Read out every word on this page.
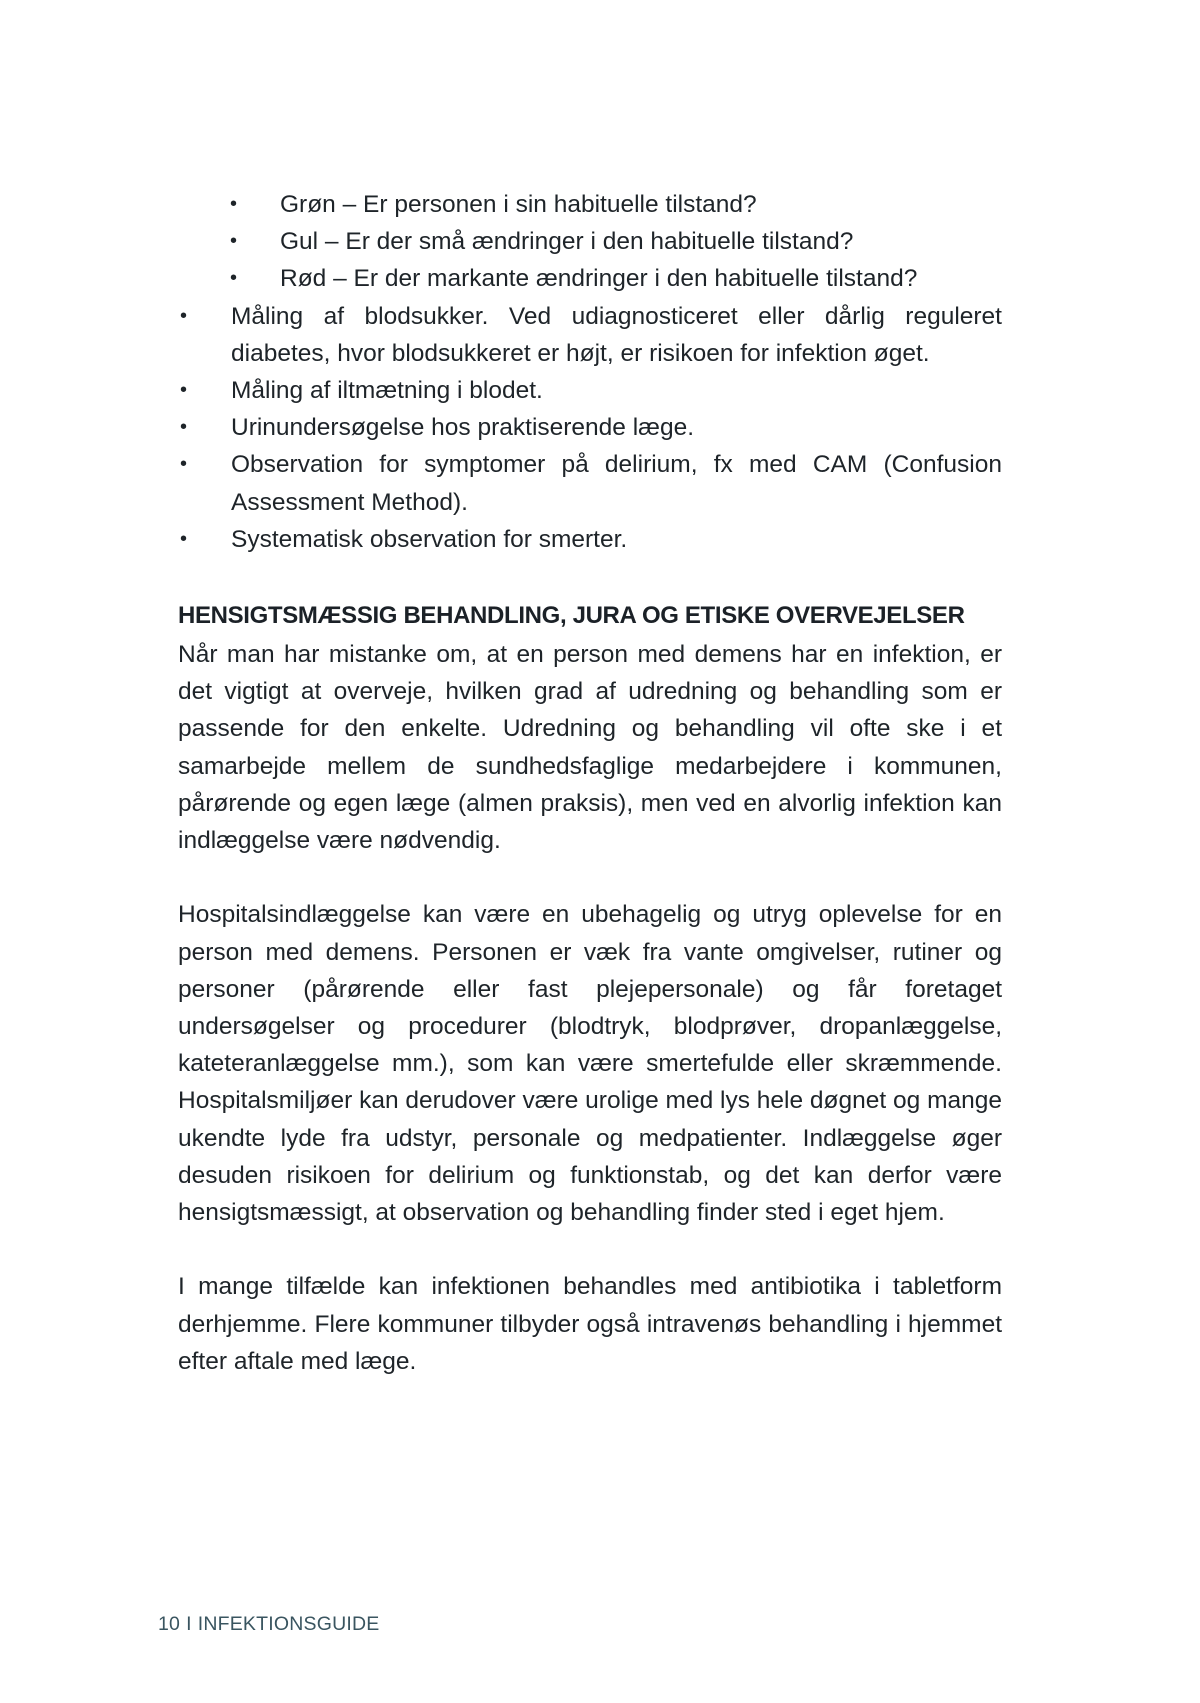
• Grøn – Er personen i sin habituelle tilstand?
• Gul – Er der små ændringer i den habituelle tilstand?
• Rød – Er der markante ændringer i den habituelle tilstand?
• Måling af blodsukker. Ved udiagnosticeret eller dårlig reguleret diabetes, hvor blodsukkeret er højt, er risikoen for infektion øget.
• Måling af iltmætning i blodet.
• Urinundersøgelse hos praktiserende læge.
• Observation for symptomer på delirium, fx med CAM (Confusion Assessment Method).
• Systematisk observation for smerter.
HENSIGTSMÆSSIG BEHANDLING, JURA OG ETISKE OVERVEJELSER

Når man har mistanke om, at en person med demens har en infektion, er det vigtigt at overveje, hvilken grad af udredning og behandling som er passende for den enkelte. Udredning og behandling vil ofte ske i et samarbejde mellem de sundhedsfaglige medarbejdere i kommunen, pårørende og egen læge (almen praksis), men ved en alvorlig infektion kan indlæggelse være nødvendig.

Hospitalsindlæggelse kan være en ubehagelig og utryg oplevelse for en person med demens. Personen er væk fra vante omgivelser, rutiner og personer (pårørende eller fast plejepersonale) og får foretaget undersøgelser og procedurer (blodtryk, blodprøver, dropanlæggelse, kateteranlæggelse mm.), som kan være smertefulde eller skræmmende. Hospitalsmiljøer kan derudover være urolige med lys hele døgnet og mange ukendte lyde fra udstyr, personale og medpatienter. Indlæggelse øger desuden risikoen for delirium og funktionstab, og det kan derfor være hensigtsmæssigt, at observation og behandling finder sted i eget hjem.

I mange tilfælde kan infektionen behandles med antibiotika i tabletform derhjemme. Flere kommuner tilbyder også intravenøs behandling i hjemmet efter aftale med læge.

10 I INFEKTIONSGUIDE
